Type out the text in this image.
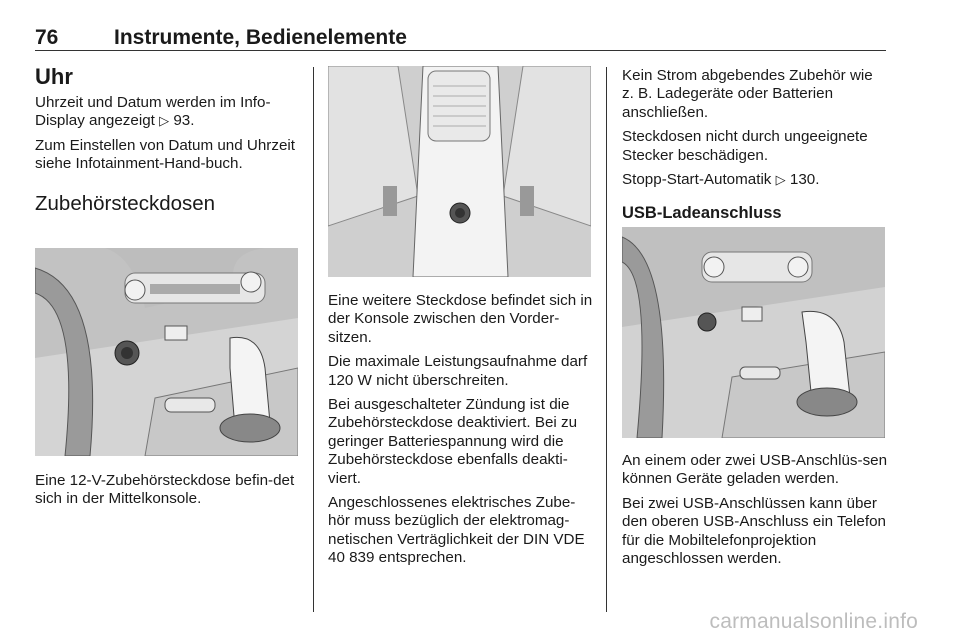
76	Instrumente, Bedienelemente
Uhr

Uhrzeit und Datum werden im Info-Display angezeigt ▷ 93.

Zum Einstellen von Datum und Uhrzeit siehe Infotainment-Hand-buch.

Zubehörsteckdosen

Eine 12-V-Zubehörsteckdose befin-det sich in der Mittelkonsole.

Eine weitere Steckdose befindet sich in der Konsole zwischen den Vorder-sitzen.

Die maximale Leistungsaufnahme darf 120 W nicht überschreiten.

Bei ausgeschalteter Zündung ist die Zubehörsteckdose deaktiviert. Bei zu geringer Batteriespannung wird die Zubehörsteckdose ebenfalls deakti-viert.

Angeschlossenes elektrisches Zube-hör muss bezüglich der elektromag-netischen Verträglichkeit der DIN VDE 40 839 entsprechen.

Kein Strom abgebendes Zubehör wie z. B. Ladegeräte oder Batterien anschließen.

Steckdosen nicht durch ungeeignete Stecker beschädigen.

Stopp-Start-Automatik ▷ 130.

USB-Ladeanschluss

An einem oder zwei USB-Anschlüs-sen können Geräte geladen werden.

Bei zwei USB-Anschlüssen kann über den oberen USB-Anschluss ein Telefon für die Mobiltelefonprojektion angeschlossen werden.

carmanualsonline.info
